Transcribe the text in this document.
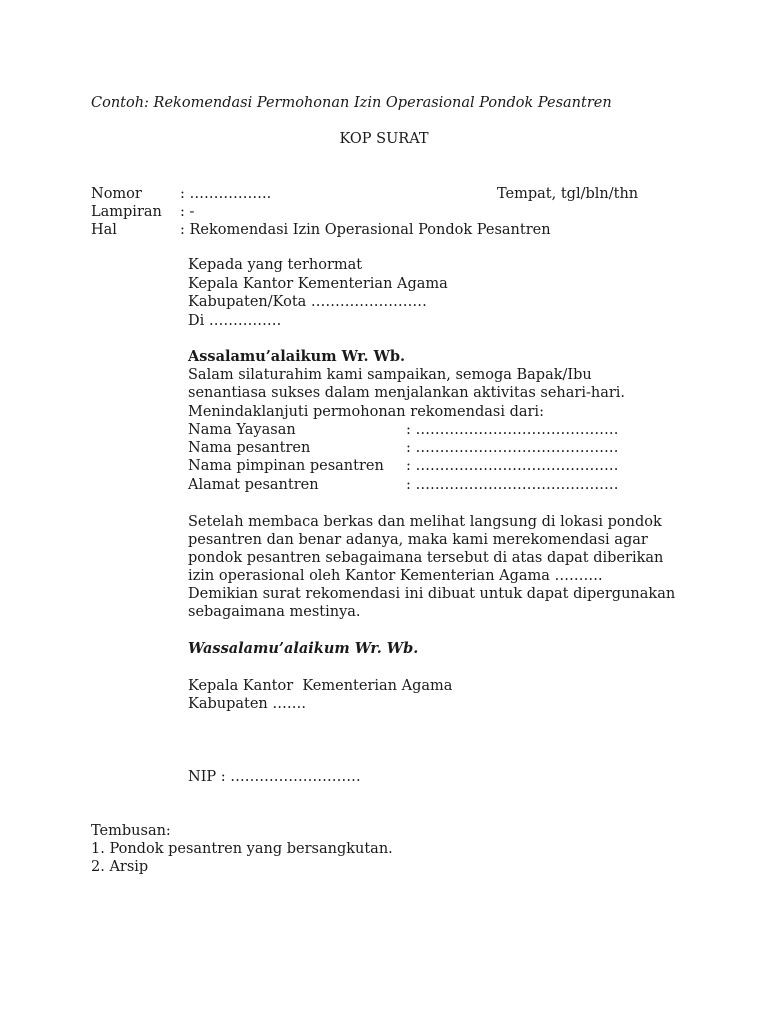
Contoh: Rekomendasi Permohonan Izin Operasional Pondok Pesantren

KOP SURAT

Nomor	: ……………..	Tempat, tgl/bln/thn

Lampiran : -

Hal	: Rekomendasi Izin Operasional Pondok Pesantren

Kepada yang terhormat

Kepala Kantor Kementerian Agama

Kabupaten/Kota ……………………

Di ……………

Assalamu’alaikum Wr. Wb.

Salam silaturahim kami sampaikan, semoga Bapak/Ibu

senantiasa sukses dalam menjalankan aktivitas sehari-hari.

Menindaklanjuti permohonan rekomendasi dari:

Nama Yayasan	: ……………………………………

Nama pesantren	: ……………………………………

Nama pimpinan pesantren : ……………………………………

Alamat pesantren	: ……………………………………

Setelah membaca berkas dan melihat langsung di lokasi pondok

pesantren dan benar adanya, maka kami merekomendasi agar

pondok pesantren sebagaimana tersebut di atas dapat diberikan

izin operasional oleh Kantor Kementerian Agama ……….

Demikian surat rekomendasi ini dibuat untuk dapat dipergunakan

sebagaimana mestinya.

Wassalamu’alaikum Wr. Wb.

Kepala Kantor  Kementerian Agama

Kabupaten …….

NIP : ………………………

Tembusan:

1. Pondok pesantren yang bersangkutan.

2. Arsip
